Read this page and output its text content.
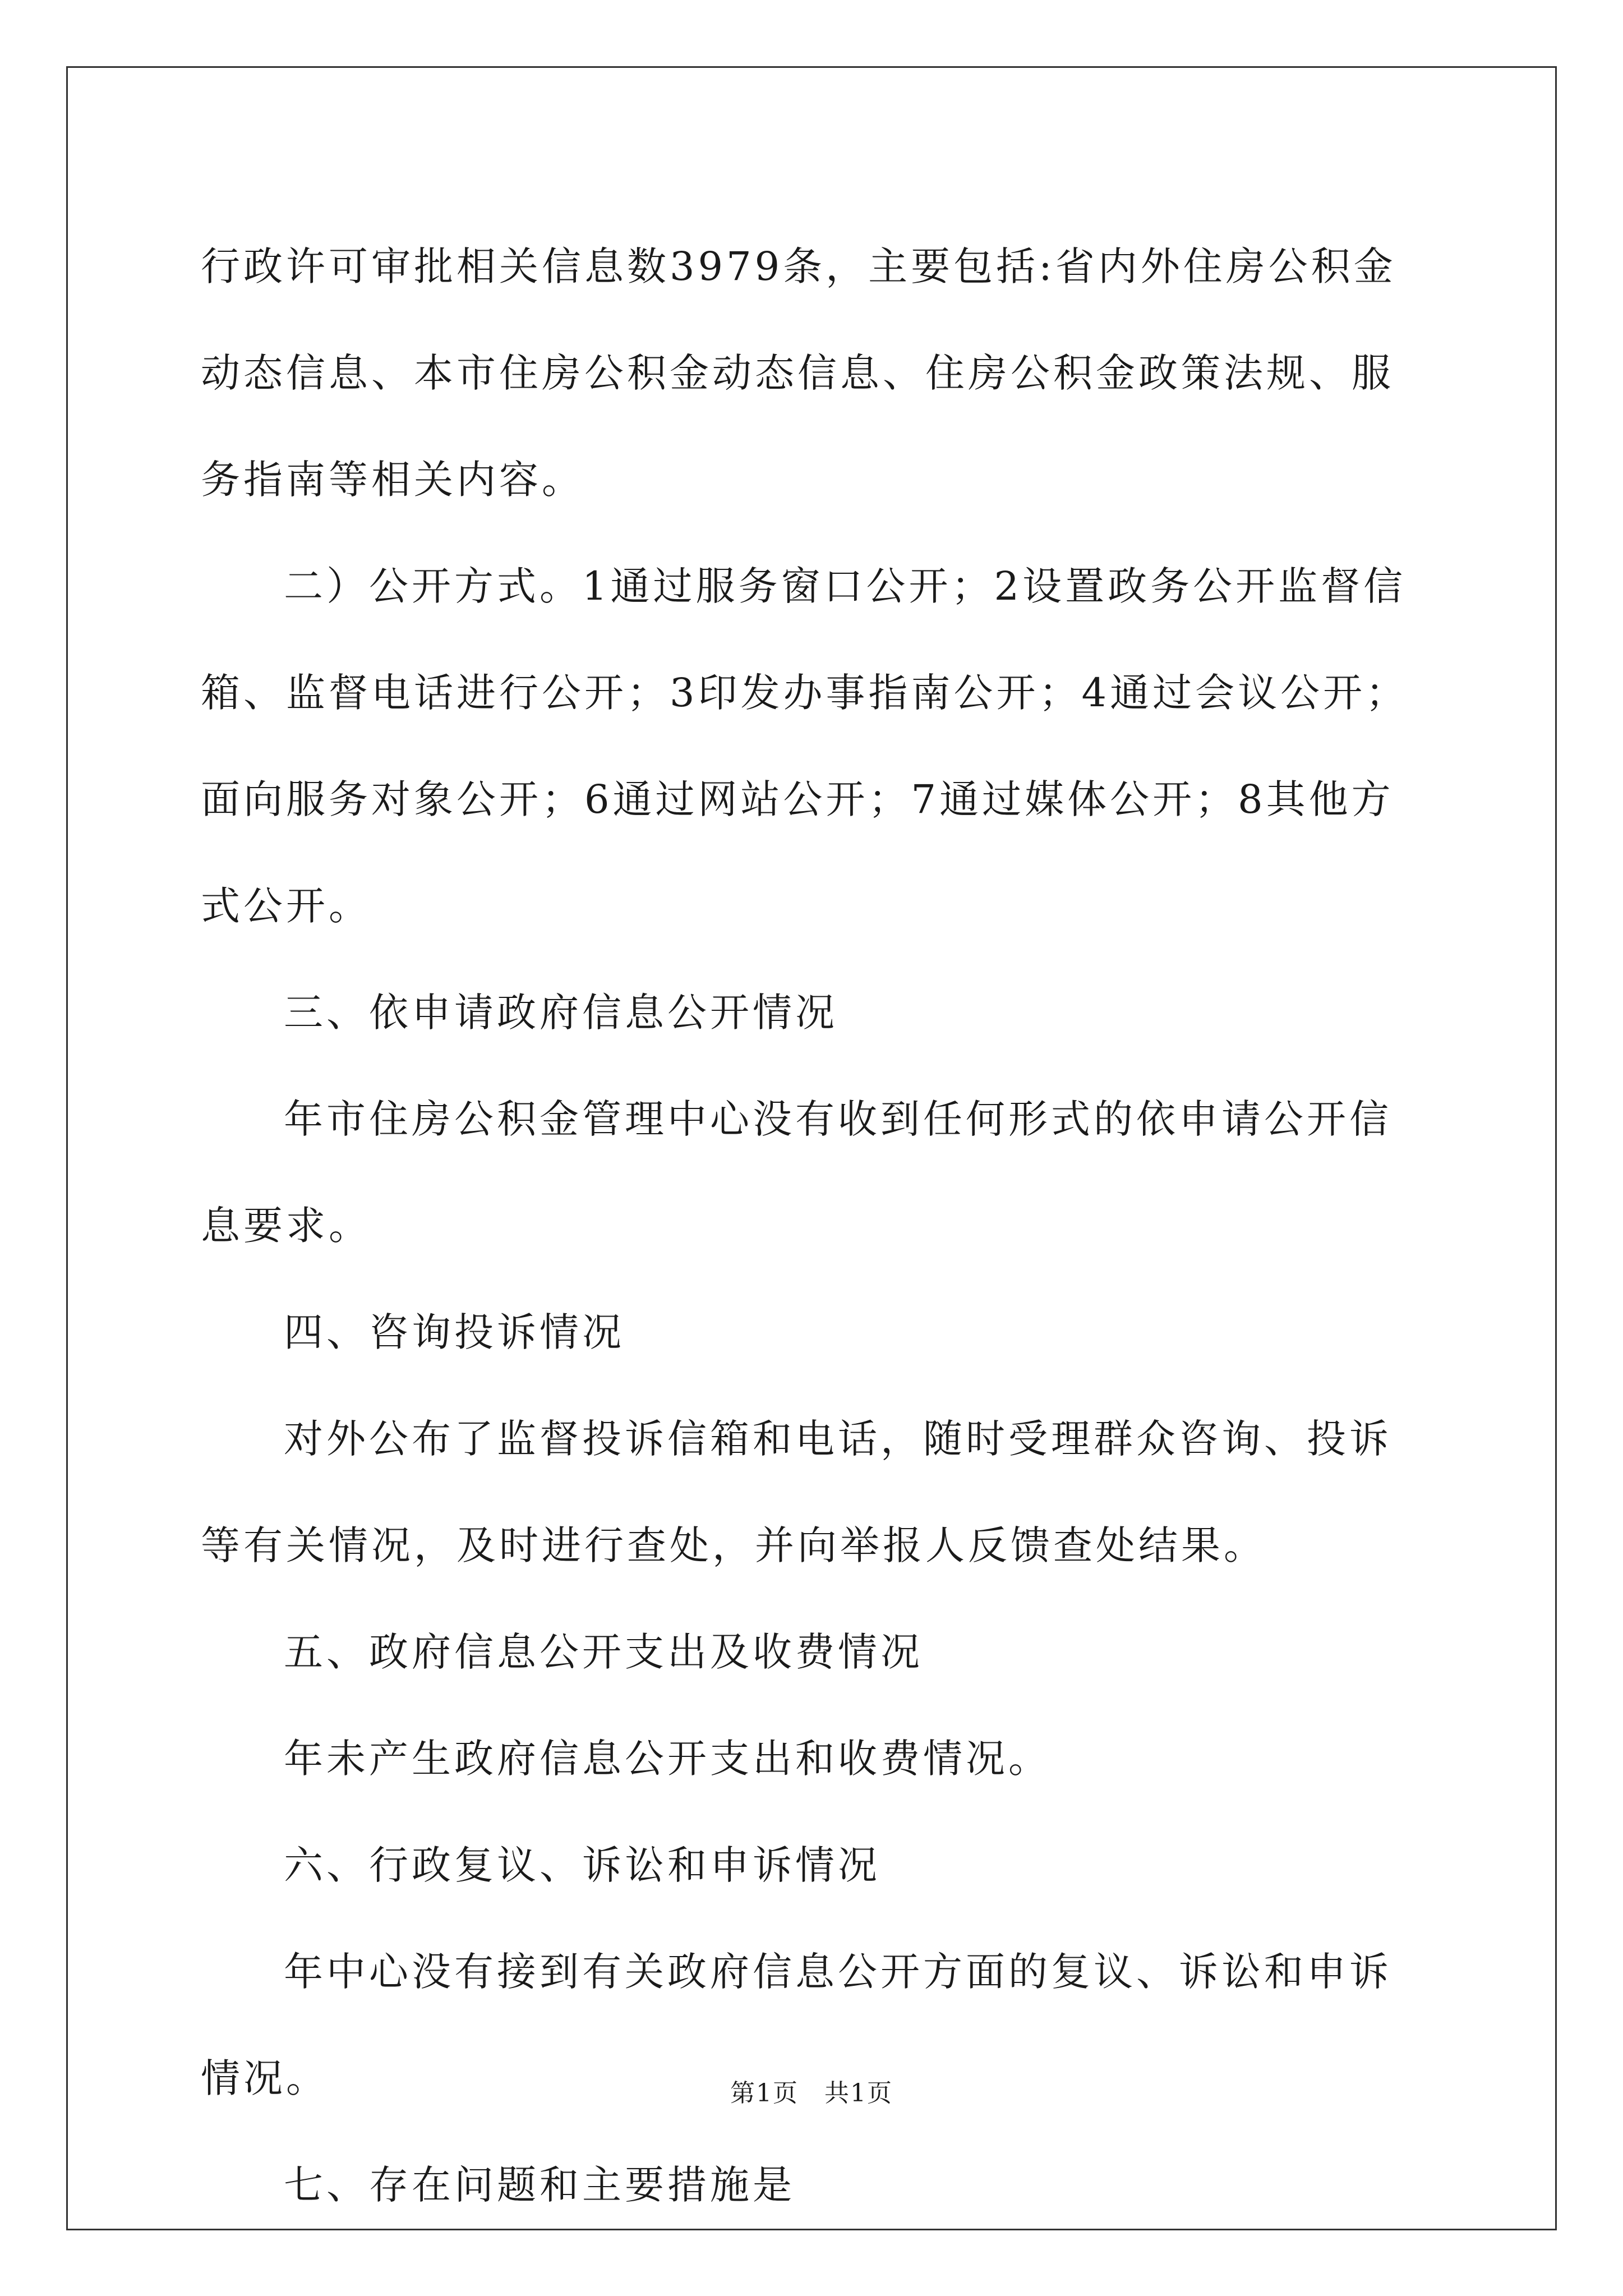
行政许可审批相关信息数3979条，主要包括:省内外住房公积金动态信息、本市住房公积金动态信息、住房公积金政策法规、服务指南等相关内容。

二）公开方式。1通过服务窗口公开；2设置政务公开监督信箱、监督电话进行公开；3印发办事指南公开；4通过会议公开；面向服务对象公开；6通过网站公开；7通过媒体公开；8其他方式公开。

三、依申请政府信息公开情况

年市住房公积金管理中心没有收到任何形式的依申请公开信息要求。

四、咨询投诉情况

对外公布了监督投诉信箱和电话，随时受理群众咨询、投诉等有关情况，及时进行查处，并向举报人反馈查处结果。

五、政府信息公开支出及收费情况

年未产生政府信息公开支出和收费情况。

六、行政复议、诉讼和申诉情况

年中心没有接到有关政府信息公开方面的复议、诉讼和申诉情况。

七、存在问题和主要措施是

第1页　共1页
